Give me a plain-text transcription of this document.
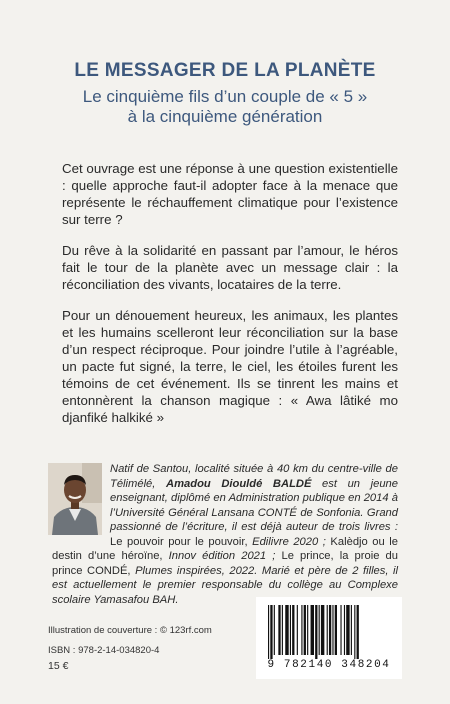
LE MESSAGER DE LA PLANÈTE
Le cinquième fils d’un couple de « 5 »
à la cinquième génération

Cet ouvrage est une réponse à une question existentielle : quelle approche faut-il adopter face à la menace que représente le réchauffement climatique pour l’existence sur terre ?

Du rêve à la solidarité en passant par l’amour, le héros fait le tour de la planète avec un message clair : la réconciliation des vivants, locataires de la terre.

Pour un dénouement heureux, les animaux, les plantes et les humains scelleront leur réconciliation sur la base d’un respect réciproque. Pour joindre l’utile à l’agréable, un pacte fut signé, la terre, le ciel, les étoiles furent les témoins de cet événement. Ils se tinrent les mains et entonnèrent la chanson magique : « Awa lâtiké mo djanfiké halkiké »

Natif de Santou, localité située à 40 km du centre-ville de Télimélé, Amadou Diouldé BALDÉ est un jeune enseignant, diplômé en Administration publique en 2014 à l’Université Général Lansana CONTÉ de Sonfonia. Grand passionné de l’écriture, il est déjà auteur de trois livres : Le pouvoir pour le pouvoir, Edilivre 2020 ; Kalèdjo ou le destin d’une héroïne, Innov édition 2021 ; Le prince, la proie du prince CONDÉ, Plumes inspirées, 2022. Marié et père de 2 filles, il est actuellement le premier responsable du collège au Complexe scolaire Yamasafou BAH.
Illustration de couverture : © 123rf.com
ISBN : 978-2-14-034820-4
15 €	9 782140 348204
